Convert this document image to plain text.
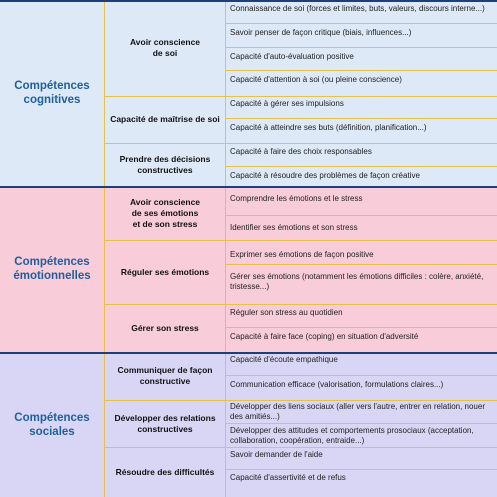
Compétences
cognitives
Compétences
émotionnelles
Compétences
sociales
Avoir conscience
de soi
Capacité de maîtrise de soi
Prendre des décisions
constructives
Avoir conscience
de ses émotions
et de son stress
Réguler ses émotions
Gérer son stress
Communiquer de façon
constructive
Développer des relations
constructives
Résoudre des difficultés
Connaissance de soi (forces et limites, buts, valeurs, discours interne...)
Savoir penser de façon critique (biais, influences...)
Capacité d'auto-évaluation positive
Capacité d'attention à soi (ou pleine conscience)
Capacité à gérer ses impulsions
Capacité à atteindre ses buts (définition, planification...)
Capacité à faire des choix responsables
Capacité à résoudre des problèmes de façon créative
Comprendre les émotions et le stress
Identifier ses émotions et son stress
Exprimer ses émotions de façon positive
Gérer ses émotions (notamment les émotions difficiles : colère, anxiété,
tristesse...)
Réguler son stress au quotidien
Capacité à faire face (coping) en situation d'adversité
Capacité d'écoute empathique
Communication efficace (valorisation, formulations claires...)
Développer des liens sociaux (aller vers l'autre, entrer en relation, nouer
des amitiés...)
Développer des attitudes et comportements prosociaux (acceptation,
collaboration, coopération, entraide...)
Savoir demander de l'aide
Capacité d'assertivité et de refus
